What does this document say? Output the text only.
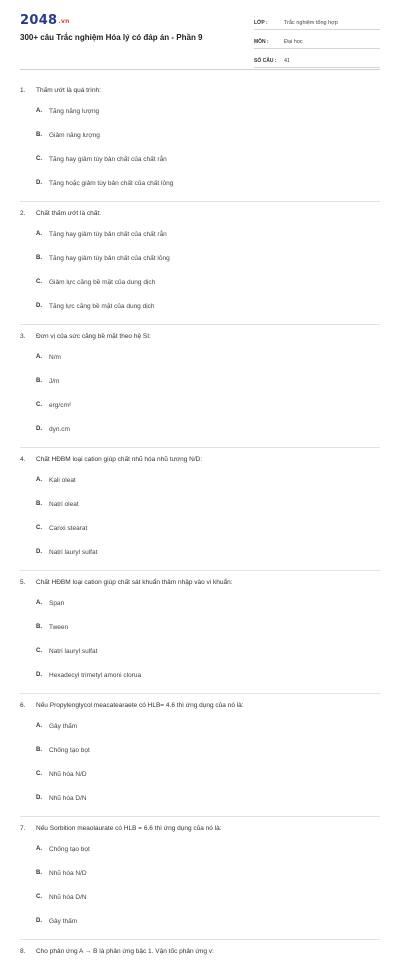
2048.vn
300+ câu Trắc nghiệm Hóa lý có đáp án - Phần 9
LỚP :	Trắc nghiệm tổng hợp
MÔN :	Đại học
SỐ CÂU :	41
1.	Thấm ướt là quá trình:
A.	Tăng năng lượng
B.	Giảm năng lượng
C.	Tăng hay giảm tùy bản chất của chất rắn
D.	Tăng hoặc giảm tùy bản chất của chất lỏng
2.	Chất thấm ướt là chất:
A.	Tăng hay giảm tùy bản chất của chất rắn
B.	Tăng hay giảm tùy bản chất của chất lỏng
C.	Giảm lực căng bề mặt của dung dịch
D.	Tăng lực căng bề mặt của dung dịch
3.	Đơn vị của sức căng bề mặt theo hệ SI:
A.	N/m
B.	J/m
C.	erg/cm²
D.	dyn.cm
4.	Chất HĐBM loại cation giúp chất nhũ hóa nhũ tương N/D:
A.	Kali oleat
B.	Natri oleat
C.	Canxi stearat
D.	Natri lauryl sulfat
5.	Chất HĐBM loại cation giúp chất sát khuẩn thâm nhập vào vi khuẩn:
A.	Span
B.	Tween
C.	Natri lauryl sulfat
D.	Hexadecyl trimetyl amoni clorua
6.	Nếu Propylenglycol meacatearaete có HLB= 4.6 thì ứng dụng của nó là:
A.	Gây thấm
B.	Chống tạo bọt
C.	Nhũ hóa N/D
D.	Nhũ hóa D/N
7.	Nếu Sorbition meaolaurate có HLB = 6.6 thì ứng dụng của nó là:
A.	Chống tạo bọt
B.	Nhũ hóa N/D
C.	Nhũ hóa D/N
D.	Gây thấm
8.	Cho phản ứng A → B là phản ứng bậc 1. Vận tốc phản ứng v:
